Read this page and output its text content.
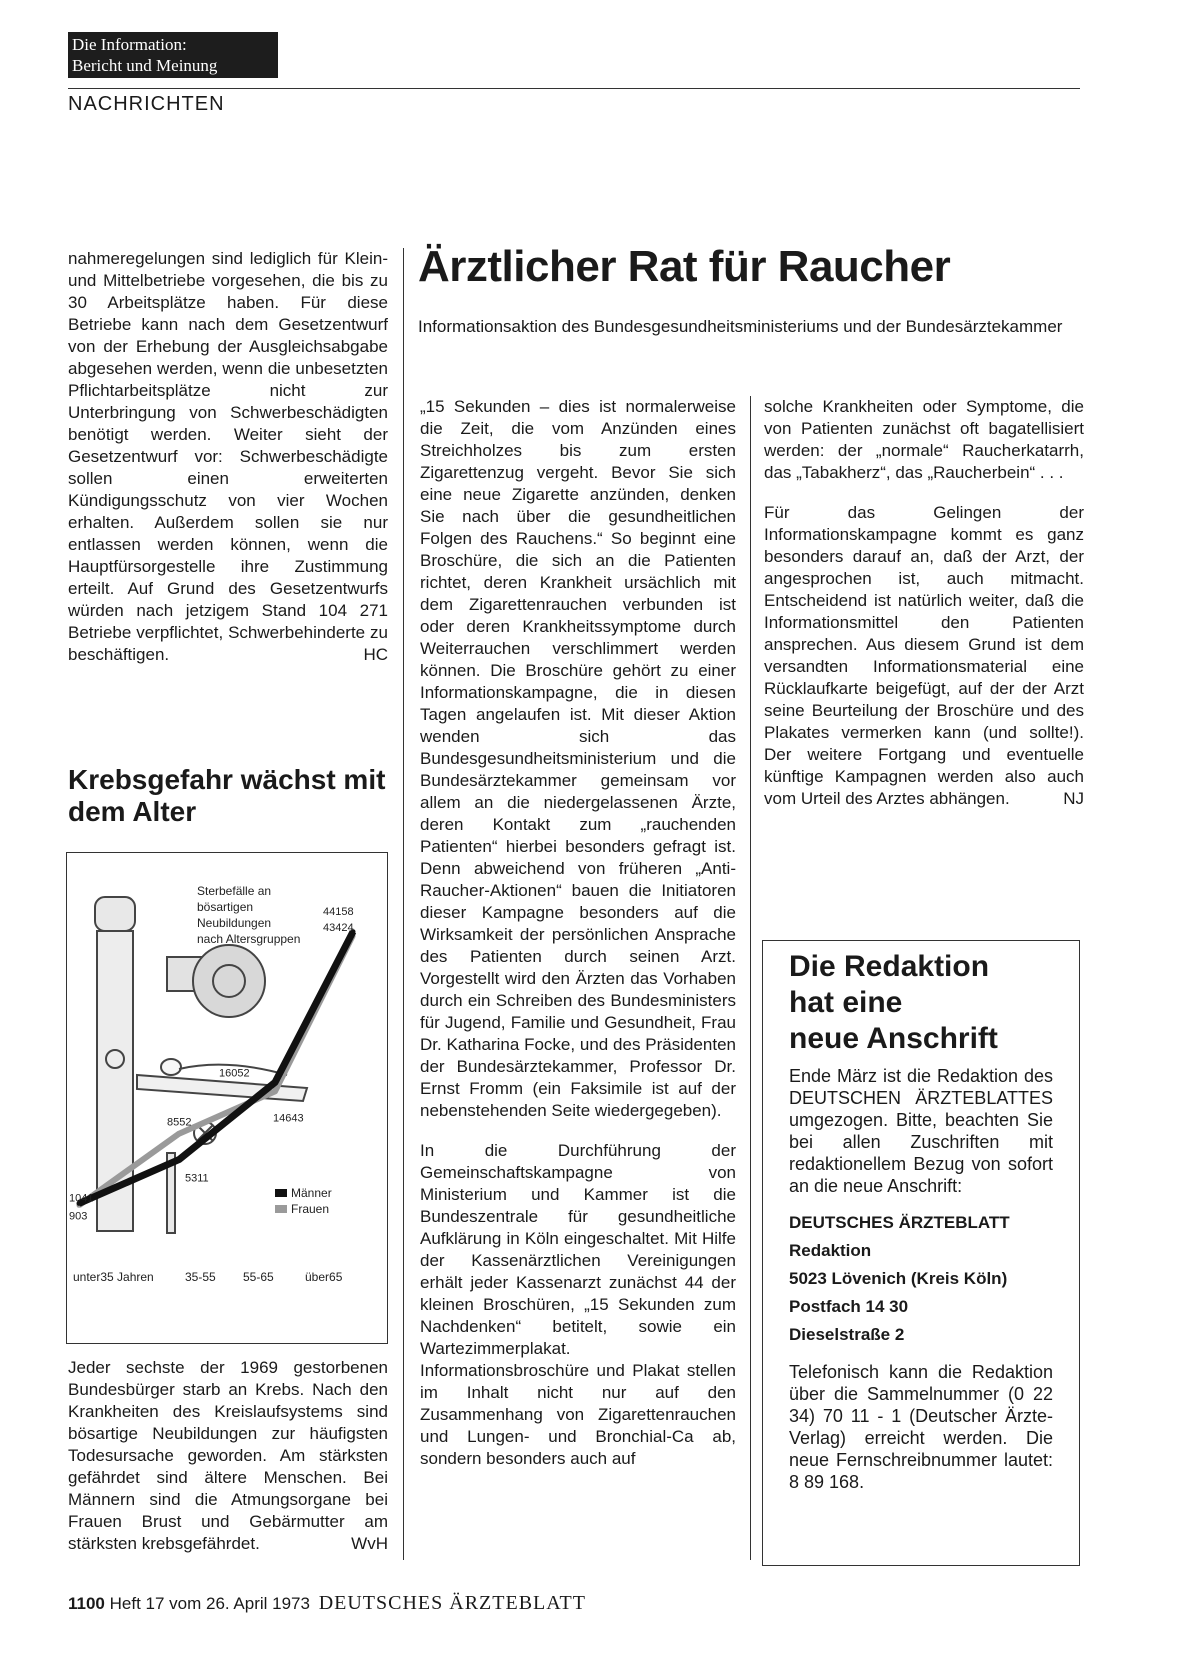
Die Information:
Bericht und Meinung
NACHRICHTEN

nahmeregelungen sind lediglich für Klein- und Mittelbetriebe vorgesehen, die bis zu 30 Arbeitsplätze haben. Für diese Betriebe kann nach dem Gesetzentwurf von der Erhebung der Ausgleichsabgabe abgesehen werden, wenn die unbesetzten Pflichtarbeitsplätze nicht zur Unterbringung von Schwerbeschädigten benötigt werden. Weiter sieht der Gesetzentwurf vor: Schwerbeschädigte sollen einen erweiterten Kündigungsschutz von vier Wochen erhalten. Außerdem sollen sie nur entlassen werden können, wenn die Hauptfürsorgestelle ihre Zustimmung erteilt. Auf Grund des Gesetzentwurfs würden nach jetzigem Stand 104 271 Betriebe verpflichtet, Schwerbehinderte zu beschäftigen.	HC

Krebsgefahr wächst mit dem Alter
Sterbefälle an
bösartigen
Neubildungen
nach Altersgruppen
1041
903
5311
8552
16052
14643
44158
43424
unter35 Jahren	35-55 55-65	über65
Männer
Frauen

Jeder sechste der 1969 gestorbenen Bundesbürger starb an Krebs. Nach den Krankheiten des Kreislaufsystems sind bösartige Neubildungen zur häufigsten Todesursache geworden. Am stärksten gefährdet sind ältere Menschen. Bei Männern sind die Atmungsorgane bei Frauen Brust und Gebärmutter am stärksten krebsgefährdet.	WvH

Ärztlicher Rat für Raucher
Informationsaktion des Bundesgesundheitsministeriums und der Bundesärztekammer

„15 Sekunden – dies ist normalerweise die Zeit, die vom Anzünden eines Streichholzes bis zum ersten Zigarettenzug vergeht. Bevor Sie sich eine neue Zigarette anzünden, denken Sie nach über die gesundheitlichen Folgen des Rauchens.“ So beginnt eine Broschüre, die sich an die Patienten richtet, deren Krankheit ursächlich mit dem Zigarettenrauchen verbunden ist oder deren Krankheitssymptome durch Weiterrauchen verschlimmert werden können. Die Broschüre gehört zu einer Informationskampagne, die in diesen Tagen angelaufen ist. Mit dieser Aktion wenden sich das Bundesgesundheitsministerium und die Bundesärztekammer gemeinsam vor allem an die niedergelassenen Ärzte, deren Kontakt zum „rauchenden Patienten“ hierbei besonders gefragt ist. Denn abweichend von früheren „Anti-Raucher-Aktionen“ bauen die Initiatoren dieser Kampagne besonders auf die Wirksamkeit der persönlichen Ansprache des Patienten durch seinen Arzt. Vorgestellt wird den Ärzten das Vorhaben durch ein Schreiben des Bundesministers für Jugend, Familie und Gesundheit, Frau Dr. Katharina Focke, und des Präsidenten der Bundesärztekammer, Professor Dr. Ernst Fromm (ein Faksimile ist auf der nebenstehenden Seite wiedergegeben).

In die Durchführung der Gemeinschaftskampagne von Ministerium und Kammer ist die Bundeszentrale für gesundheitliche Aufklärung in Köln eingeschaltet. Mit Hilfe der Kassenärztlichen Vereinigungen erhält jeder Kassenarzt zunächst 44 der kleinen Broschüren, „15 Sekunden zum Nachdenken“ betitelt, sowie ein Wartezimmerplakat. Informationsbroschüre und Plakat stellen im Inhalt nicht nur auf den Zusammenhang von Zigarettenrauchen und Lungen- und Bronchial-Ca ab, sondern besonders auch auf

solche Krankheiten oder Symptome, die von Patienten zunächst oft bagatellisiert werden: der „normale“ Raucherkatarrh, das „Tabakherz“, das „Raucherbein“ . . .

Für das Gelingen der Informationskampagne kommt es ganz besonders darauf an, daß der Arzt, der angesprochen ist, auch mitmacht. Entscheidend ist natürlich weiter, daß die Informationsmittel den Patienten ansprechen. Aus diesem Grund ist dem versandten Informationsmaterial eine Rücklaufkarte beigefügt, auf der der Arzt seine Beurteilung der Broschüre und des Plakates vermerken kann (und sollte!). Der weitere Fortgang und eventuelle künftige Kampagnen werden also auch vom Urteil des Arztes abhängen.	NJ

Die Redaktion
hat eine
neue Anschrift

Ende März ist die Redaktion des DEUTSCHEN ÄRZTEBLATTES umgezogen. Bitte, beachten Sie bei allen Zuschriften mit redaktionellem Bezug von sofort an die neue Anschrift:

DEUTSCHES ÄRZTEBLATT
Redaktion
5023 Lövenich (Kreis Köln)
Postfach 14 30
Dieselstraße 2

Telefonisch kann die Redaktion über die Sammelnummer (0 22 34) 70 11 - 1 (Deutscher Ärzte-Verlag) erreicht werden. Die neue Fernschreibnummer lautet: 8 89 168.

1100 Heft 17 vom 26. April 1973 DEUTSCHES ÄRZTEBLATT
